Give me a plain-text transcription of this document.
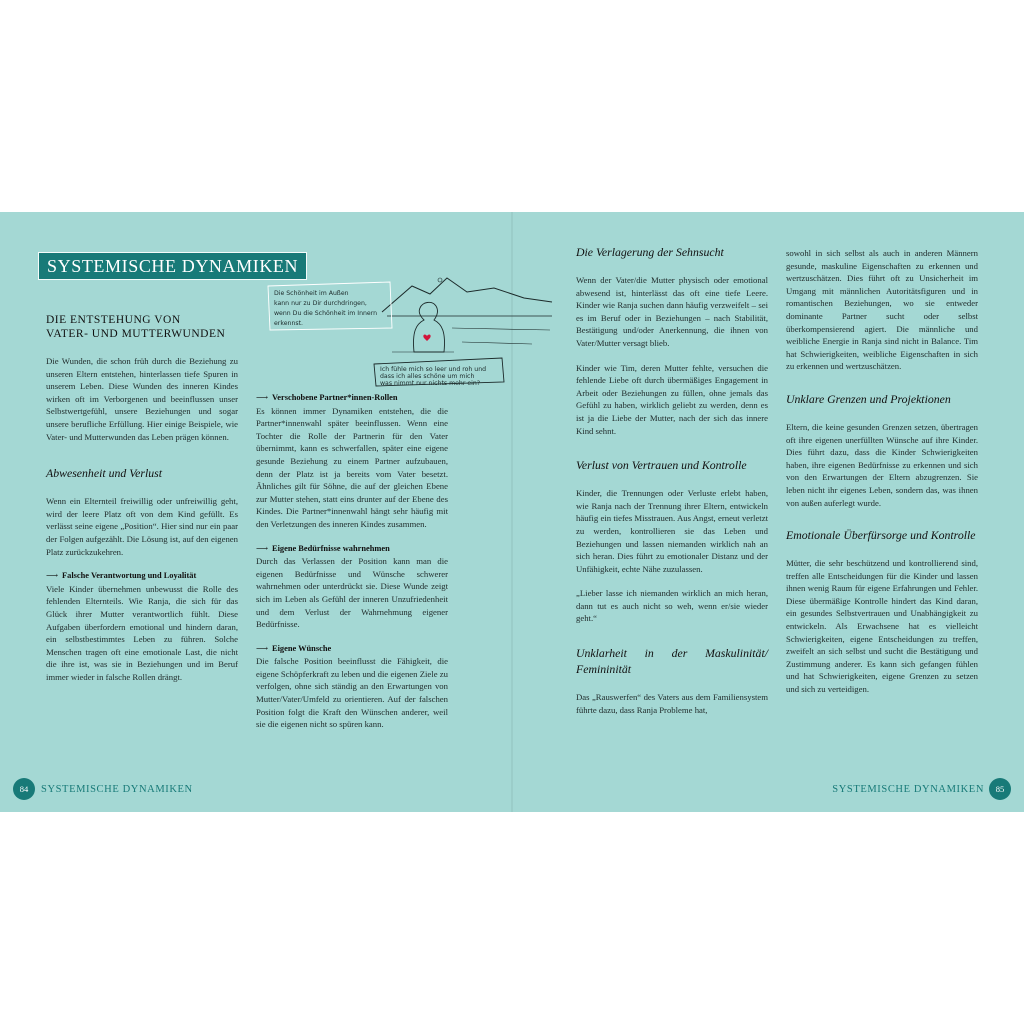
SYSTEMISCHE DYNAMIKEN
Die Schönheit im Außen
kann nur zu Dir durchdringen,
wenn Du die Schönheit im Innern
erkennst.
Ich fühle mich so leer und roh und
dass ich alles schöne um mich
was nimmt nur nichts mehr ein?
DIE ENTSTEHUNG VON
VATER- UND MUTTERWUNDEN

Die Wunden, die schon früh durch die Beziehung zu unseren Eltern entstehen, hinterlassen tiefe Spuren in unserem Leben. Diese Wunden des inneren Kindes wirken oft im Verborgenen und beeinflussen unser Selbstwertgefühl, unsere Beziehungen und sogar unsere berufliche Erfüllung. Hier einige Beispiele, wie Vater- und Mutterwunden das Leben prägen können.

Abwesenheit und Verlust

Wenn ein Elternteil freiwillig oder unfreiwillig geht, wird der leere Platz oft von dem Kind gefüllt. Es verlässt seine eigene „Position“. Hier sind nur ein paar der Folgen aufgezählt. Die Lösung ist, auf den eigenen Platz zurückzukehren.

⟶ Falsche Verantwortung und Loyalität

Viele Kinder übernehmen unbewusst die Rolle des fehlenden Elternteils. Wie Ranja, die sich für das Glück ihrer Mutter verantwortlich fühlt. Diese Aufgaben überfordern emotional und hindern daran, ein selbstbestimmtes Leben zu führen. Solche Menschen tragen oft eine emotionale Last, die nicht die ihre ist, was sie in Beziehungen und im Beruf immer wieder in falsche Rollen drängt.

⟶ Verschobene Partner*innen-Rollen

Es können immer Dynamiken entstehen, die die Partner*innenwahl später beeinflussen. Wenn eine Tochter die Rolle der Partnerin für den Vater übernimmt, kann es schwerfallen, später eine eigene gesunde Beziehung zu einem Partner aufzubauen, denn der Platz ist ja bereits vom Vater besetzt. Ähnliches gilt für Söhne, die auf der gleichen Ebene zur Mutter stehen, statt eins drunter auf der Ebene des Kindes. Die Partner*innenwahl hängt sehr häufig mit den Verletzungen des inneren Kindes zusammen.

⟶ Eigene Bedürfnisse wahrnehmen

Durch das Verlassen der Position kann man die eigenen Bedürfnisse und Wünsche schwerer wahrnehmen oder unterdrückt sie. Diese Wunde zeigt sich im Leben als Gefühl der inneren Unzufriedenheit und dem Verlust der Wahrnehmung eigener Bedürfnisse.

⟶ Eigene Wünsche

Die falsche Position beeinflusst die Fähigkeit, die eigene Schöpferkraft zu leben und die eigenen Ziele zu verfolgen, ohne sich ständig an den Erwartungen von Mutter/Vater/Umfeld zu orientieren. Auf der falschen Position folgt die Kraft den Wünschen anderer, weil sie die eigenen nicht so spüren kann.

Die Verlagerung der Sehnsucht

Wenn der Vater/die Mutter physisch oder emotional abwesend ist, hinterlässt das oft eine tiefe Leere. Kinder wie Ranja suchen dann häufig verzweifelt – sei es im Beruf oder in Beziehungen – nach Stabilität, Bestätigung und/oder Anerkennung, die ihnen von Vater/Mutter versagt blieb.

Kinder wie Tim, deren Mutter fehlte, versuchen die fehlende Liebe oft durch übermäßiges Engagement in Arbeit oder Beziehungen zu füllen, ohne jemals das Gefühl zu haben, wirklich geliebt zu werden, denn es ist ja die Liebe der Mutter, nach der sich das innere Kind sehnt.

Verlust von Vertrauen und Kontrolle

Kinder, die Trennungen oder Verluste erlebt haben, wie Ranja nach der Trennung ihrer Eltern, entwickeln häufig ein tiefes Misstrauen. Aus Angst, erneut verletzt zu werden, kontrollieren sie das Leben und Beziehungen und lassen niemanden wirklich nah an sich heran. Dies führt zu emotionaler Distanz und der Unfähigkeit, echte Nähe zuzulassen.

„Lieber lasse ich niemanden wirklich an mich heran, dann tut es auch nicht so weh, wenn er/sie wieder geht.“

Unklarheit in der Maskulinität/ Femininität

Das „Rauswerfen“ des Vaters aus dem Familiensystem führte dazu, dass Ranja Probleme hat,

sowohl in sich selbst als auch in anderen Männern gesunde, maskuline Eigenschaften zu erkennen und wertzuschätzen. Dies führt oft zu Unsicherheit im Umgang mit männlichen Autoritätsfiguren und in romantischen Beziehungen, wo sie entweder dominante Partner sucht oder selbst überkompensierend agiert. Die männliche und weibliche Energie in Ranja sind nicht in Balance. Tim hat Schwierigkeiten, weibliche Eigenschaften in sich zu erkennen und wertzuschätzen.

Unklare Grenzen und Projektionen

Eltern, die keine gesunden Grenzen setzen, übertragen oft ihre eigenen unerfüllten Wünsche auf ihre Kinder. Dies führt dazu, dass die Kinder Schwierigkeiten haben, ihre eigenen Bedürfnisse zu erkennen und sich von den Erwartungen der Eltern abzugrenzen. Sie leben nicht ihr eigenes Leben, sondern das, was ihnen von außen auferlegt wurde.

Emotionale Überfürsorge und Kontrolle

Mütter, die sehr beschützend und kontrollierend sind, treffen alle Entscheidungen für die Kinder und lassen ihnen wenig Raum für eigene Erfahrungen und Fehler. Diese übermäßige Kontrolle hindert das Kind daran, ein gesundes Selbstvertrauen und Unabhängigkeit zu entwickeln. Als Erwachsene hat es vielleicht Schwierigkeiten, eigene Entscheidungen zu treffen, zweifelt an sich selbst und sucht die Bestätigung und Zustimmung anderer. Es kann sich gefangen fühlen und hat Schwierigkeiten, eigene Grenzen zu setzen und sich zu verteidigen.

84	SYSTEMISCHE DYNAMIKEN	SYSTEMISCHE DYNAMIKEN	85
